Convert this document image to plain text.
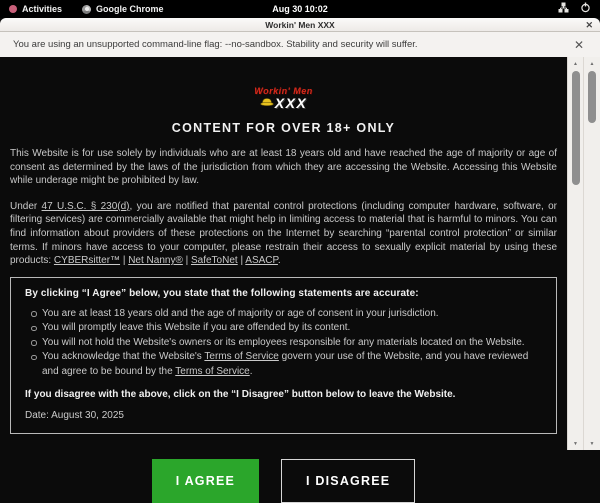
Activities	Google Chrome	Aug 30 10:02
Workin' Men XXX	✕
You are using an unsupported command-line flag: --no-sandbox. Stability and security will suffer.	✕
Workin' Men
XXX
CONTENT FOR OVER 18+ ONLY

This Website is for use solely by individuals who are at least 18 years old and have reached the age of majority or age of consent as determined by the laws of the jurisdiction from which they are accessing the Website. Accessing this Website while underage might be prohibited by law.

Under 47 U.S.C. § 230(d), you are notified that parental control protections (including computer hardware, software, or filtering services) are commercially available that might help in limiting access to material that is harmful to minors. You can find information about providers of these protections on the Internet by searching “parental control protection” or similar terms. If minors have access to your computer, please restrain their access to sexually explicit material by using these products: CYBERsitter™ | Net Nanny® | SafeToNet | ASACP.

By clicking “I Agree” below, you state that the following statements are accurate:
You are at least 18 years old and the age of majority or age of consent in your jurisdiction.
You will promptly leave this Website if you are offended by its content.
You will not hold the Website's owners or its employees responsible for any materials located on the Website.
You acknowledge that the Website's Terms of Service govern your use of the Website, and you have reviewed and agree to be bound by the Terms of Service.
If you disagree with the above, click on the “I Disagree” button below to leave the Website.
Date: August 30, 2025
I AGREE	I DISAGREE
▲
▼
▲
▼
